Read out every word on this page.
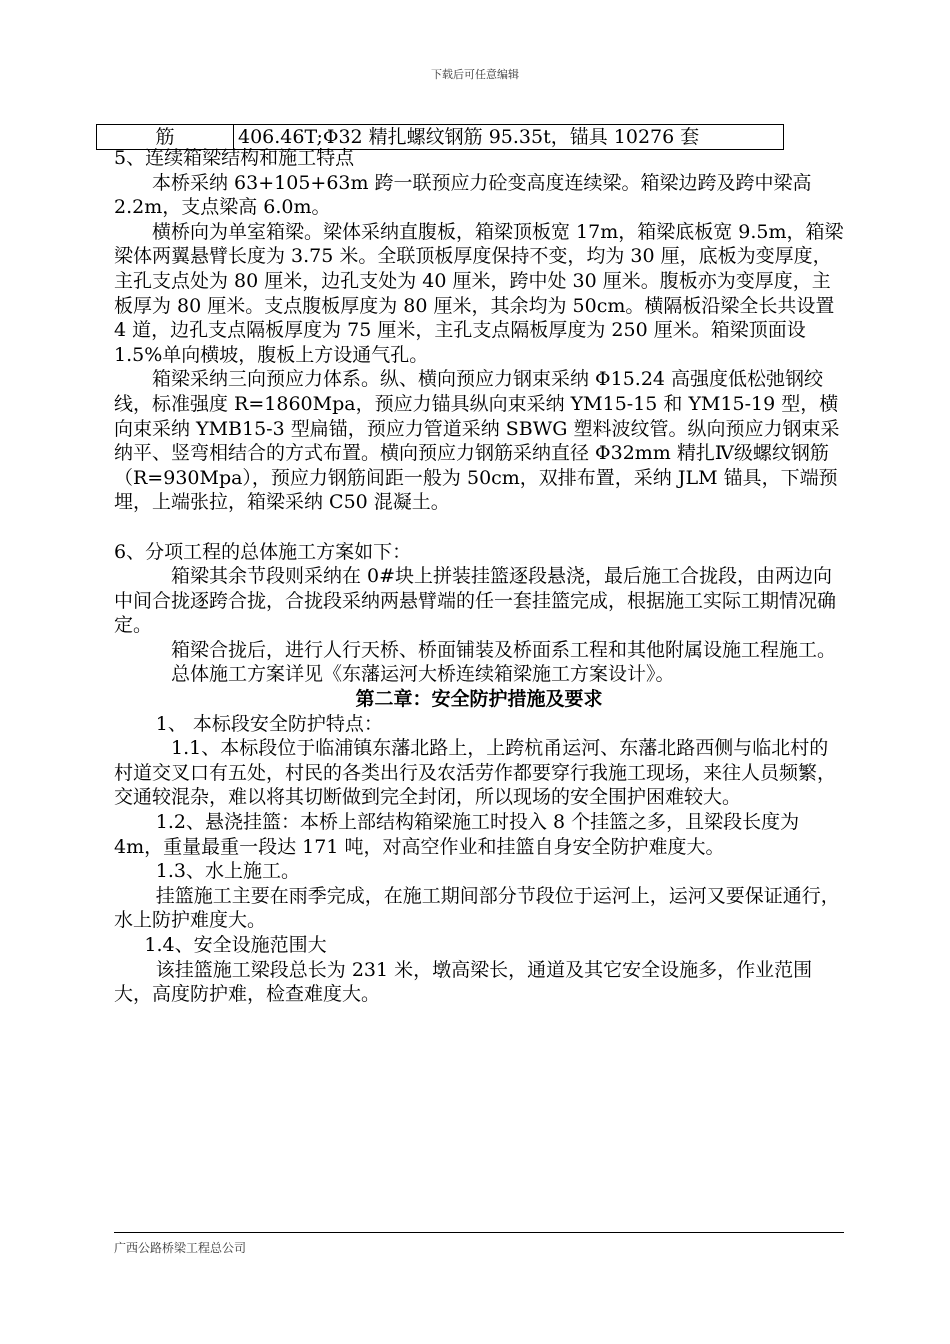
下载后可任意编辑
筋	406.46T;Φ32 精扎螺纹钢筋 95.35t，锚具 10276 套

5、连续箱梁结构和施工特点

本桥采纳 63+105+63m 跨一联预应力砼变高度连续梁。箱梁边跨及跨中梁高 2.2m，支点梁高 6.0m。

横桥向为单室箱梁。梁体采纳直腹板，箱梁顶板宽 17m，箱梁底板宽 9.5m，箱梁梁体两翼悬臂长度为 3.75 米。全联顶板厚度保持不变，均为 30 厘，底板为变厚度，主孔支点处为 80 厘米，边孔支处为 40 厘米，跨中处 30 厘米。腹板亦为变厚度，主板厚为 80 厘米。支点腹板厚度为 80 厘米，其余均为 50cm。横隔板沿梁全长共设置 4 道，边孔支点隔板厚度为 75 厘米，主孔支点隔板厚度为 250 厘米。箱梁顶面设 1.5%单向横坡，腹板上方设通气孔。

箱梁采纳三向预应力体系。纵、横向预应力钢束采纳 Φ15.24 高强度低松弛钢绞线，标准强度 R=1860Mpa，预应力锚具纵向束采纳 YM15-15 和 YM15-19 型，横向束采纳 YMB15-3 型扁锚，预应力管道采纳 SBWG 塑料波纹管。纵向预应力钢束采纳平、竖弯相结合的方式布置。横向预应力钢筋采纳直径 Φ32mm 精扎Ⅳ级螺纹钢筋（R=930Mpa），预应力钢筋间距一般为 50cm，双排布置，采纳 JLM 锚具，下端预埋，上端张拉，箱梁采纳 C50 混凝土。

6、分项工程的总体施工方案如下：

箱梁其余节段则采纳在 0#块上拼装挂篮逐段悬浇，最后施工合拢段，由两边向中间合拢逐跨合拢，合拢段采纳两悬臂端的任一套挂篮完成，根据施工实际工期情况确定。

箱梁合拢后，进行人行天桥、桥面铺装及桥面系工程和其他附属设施工程施工。

总体施工方案详见《东藩运河大桥连续箱梁施工方案设计》。

第二章：安全防护措施及要求

1、 本标段安全防护特点：

1.1、本标段位于临浦镇东藩北路上，上跨杭甬运河、东藩北路西侧与临北村的村道交叉口有五处，村民的各类出行及农活劳作都要穿行我施工现场，来往人员频繁，交通较混杂，难以将其切断做到完全封闭，所以现场的安全围护困难较大。

1.2、悬浇挂篮：本桥上部结构箱梁施工时投入 8 个挂篮之多，且梁段长度为 4m，重量最重一段达 171 吨，对高空作业和挂篮自身安全防护难度大。

1.3、水上施工。

挂篮施工主要在雨季完成，在施工期间部分节段位于运河上，运河又要保证通行，水上防护难度大。

1.4、安全设施范围大

该挂篮施工梁段总长为 231 米，墩高梁长，通道及其它安全设施多，作业范围大，高度防护难，检查难度大。

广西公路桥梁工程总公司
